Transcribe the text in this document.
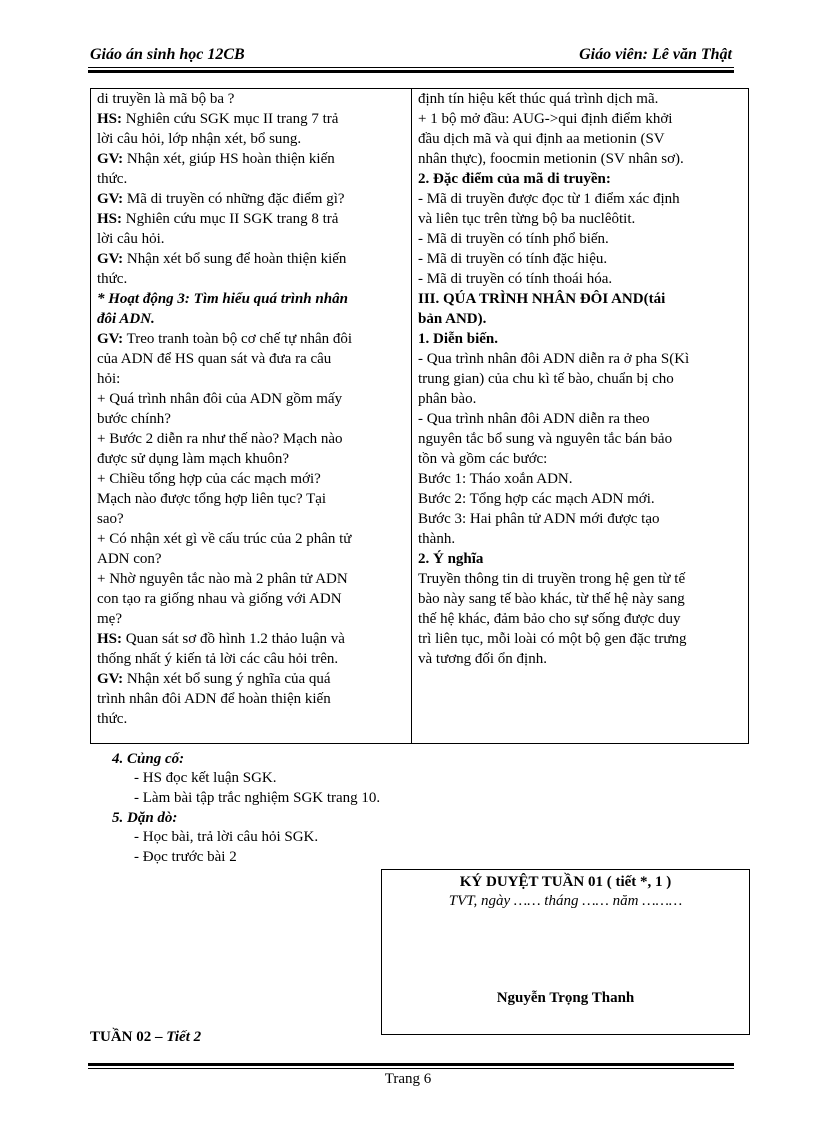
Giáo án sinh học 12CB	Giáo viên: Lê văn Thật
di truyền là mã bộ ba ?
HS: Nghiên cứu SGK mục II trang 7 trả
lời câu hỏi, lớp nhận xét, bổ sung.
GV: Nhận xét, giúp HS hoàn thiện kiến
thức.
GV: Mã di truyền có những đặc điểm gì?
HS: Nghiên cứu mục II SGK trang 8 trả
lời câu hỏi.
GV: Nhận xét bổ sung để hoàn thiện kiến
thức.
* Hoạt động 3: Tìm hiểu quá trình nhân
đôi ADN.
GV: Treo tranh toàn bộ cơ chế tự nhân đôi
của ADN để HS quan sát và đưa ra câu
hỏi:
+ Quá trình nhân đôi của ADN gồm mấy
bước chính?
+ Bước 2 diễn ra như thế nào? Mạch nào
được sử dụng làm mạch khuôn?
+ Chiều tổng hợp của các mạch mới?
Mạch nào được tổng hợp liên tục? Tại
sao?
+ Có nhận xét gì về cấu trúc của 2 phân tử
ADN con?
+ Nhờ nguyên tắc nào mà 2 phân tử ADN
con tạo ra giống nhau và giống với ADN
mẹ?
HS: Quan sát sơ đồ hình 1.2 thảo luận và
thống nhất ý kiến tả lời các câu hỏi trên.
GV: Nhận xét bổ sung ý nghĩa của quá
trình nhân đôi ADN để hoàn thiện kiến
thức.
định tín hiệu kết thúc quá trình dịch mã.
+ 1 bộ mở đầu: AUG->qui định điểm khởi
đầu dịch mã và qui định aa metionin (SV
nhân thực), foocmin metionin (SV nhân sơ).
2. Đặc điểm của mã di truyền:
- Mã di truyền được đọc từ 1 điểm xác định
và liên tục trên từng bộ ba nuclêôtit.
- Mã di truyền có tính phổ biến.
- Mã di truyền có tính đặc hiệu.
- Mã di truyền có tính thoái hóa.
III. QÚA TRÌNH NHÂN ĐÔI AND(tái
bản AND).
1. Diễn biến.
- Qua trình nhân đôi ADN diễn ra ở pha S(Kì
trung gian) của chu kì tế bào, chuẩn bị cho
phân bào.
- Qua trình nhân đôi ADN diễn ra theo
nguyên tắc bổ sung và nguyên tắc bán bảo
tồn và gồm các bước:
Bước 1: Tháo xoắn ADN.
Bước 2: Tổng hợp các mạch ADN mới.
Bước 3: Hai phân tử ADN mới được tạo
thành.
2. Ý nghĩa
Truyền thông tin di truyền trong hệ gen từ tế
bào này sang tế bào khác, từ thế hệ này sang
thế hệ khác, đảm bảo cho sự sống được duy
trì liên tục, mỗi loài có một bộ gen đặc trưng
và tương đối ổn định.
4. Củng cố:
- HS đọc kết luận SGK.
- Làm bài tập trắc nghiệm SGK trang 10.
5. Dặn dò:
- Học bài, trả lời câu hỏi SGK.
- Đọc trước bài 2
KÝ DUYỆT TUẦN 01 ( tiết *, 1 )
TVT, ngày …… tháng …… năm ………
Nguyễn Trọng Thanh
TUẦN 02 – Tiết 2
Trang 6
